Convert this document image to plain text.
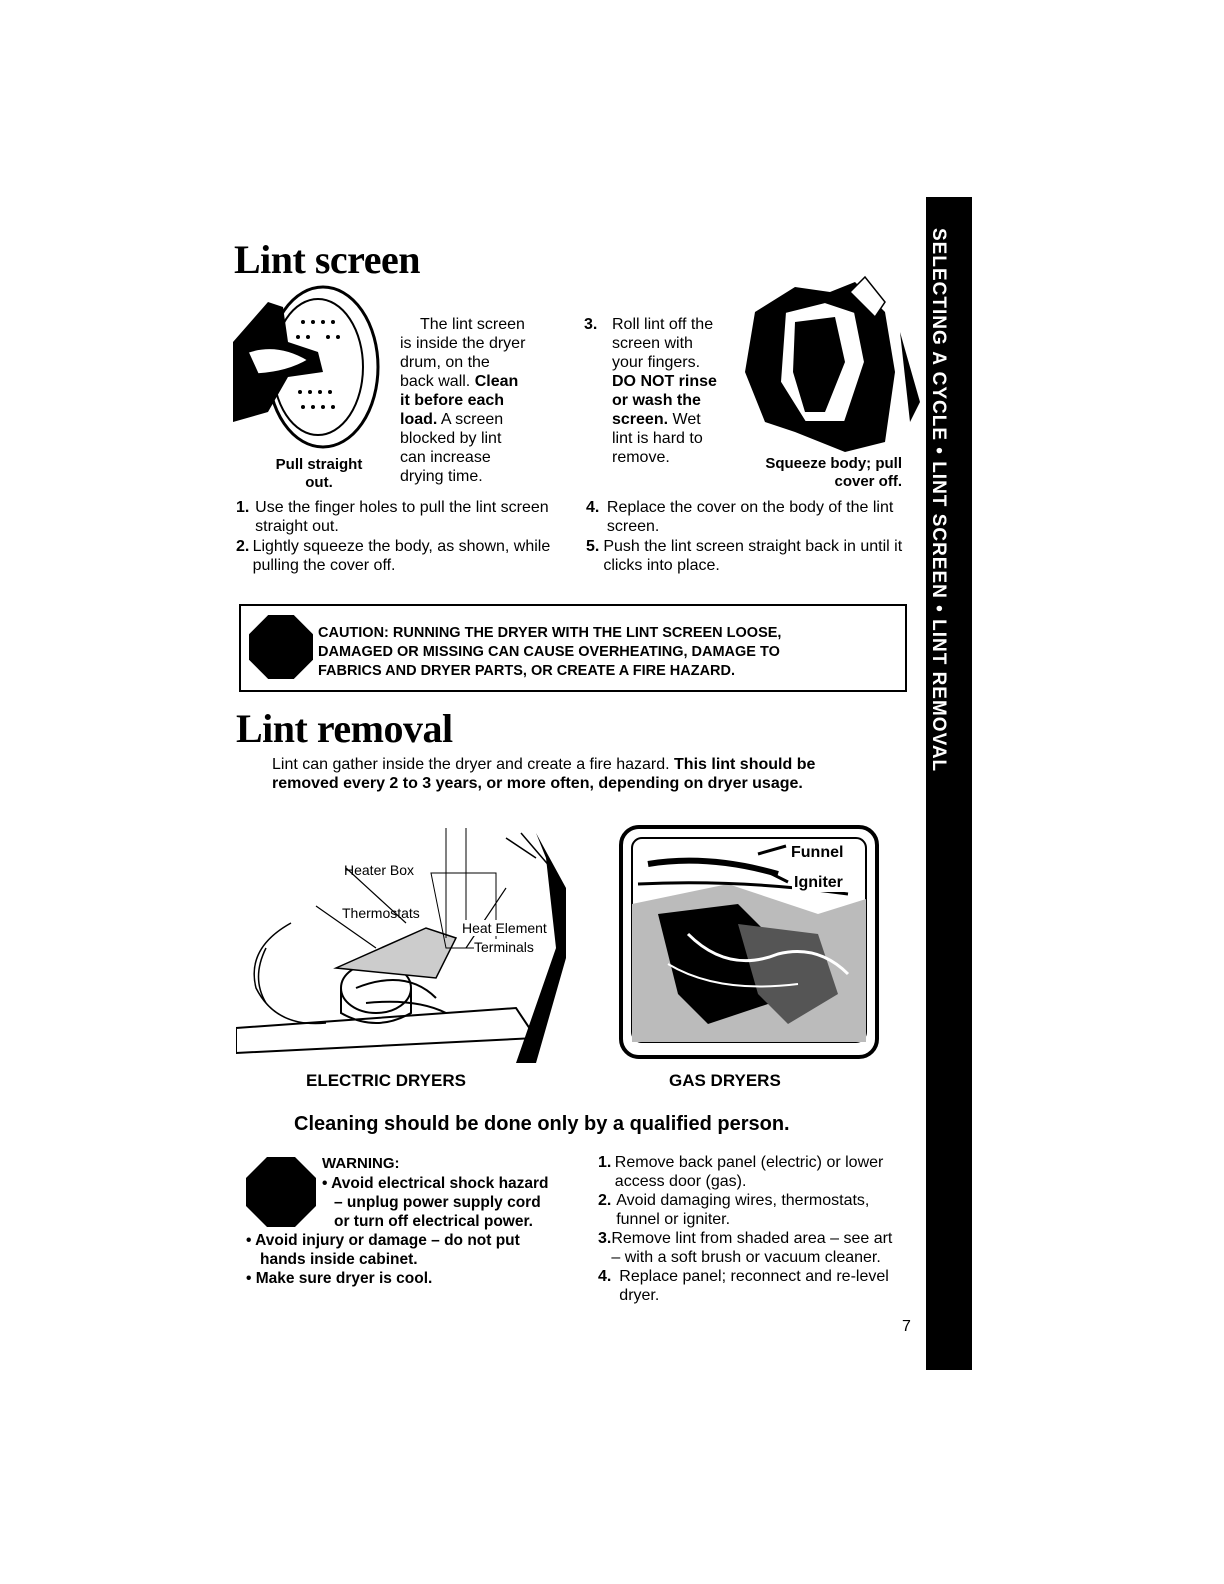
SELECTING A CYCLE • LINT SCREEN • LINT REMOVAL
Lint screen
The lint screen
is inside the dryer
drum, on the
back wall. Clean
it before each
load. A screen
blocked by lint
can increase
drying time.
Pull straight out.
3. Roll lint off the
screen with
your fingers.
DO NOT rinse
or wash the
screen. Wet
lint is hard to
remove.	Squeeze body; pull cover off.
1. Use the finger holes to pull the lint screen straight out.
2. Lightly squeeze the body, as shown, while pulling the cover off.
4. Replace the cover on the body of the lint screen.
5. Push the lint screen straight back in until it clicks into place.
CAUTION: RUNNING THE DRYER WITH THE LINT SCREEN LOOSE,
DAMAGED OR MISSING CAN CAUSE OVERHEATING, DAMAGE TO
FABRICS AND DRYER PARTS, OR CREATE A FIRE HAZARD.
Lint removal
Lint can gather inside the dryer and create a fire hazard. This lint should be removed every 2 to 3 years, or more often, depending on dryer usage.
Heater Box
Thermostats
Heat Element
Terminals
Funnel
Igniter
ELECTRIC DRYERS	GAS DRYERS
Cleaning should be done only by a qualified person.
WARNING:
• Avoid electrical shock hazard – unplug power supply cord or turn off electrical power.
• Avoid injury or damage – do not put hands inside cabinet.
• Make sure dryer is cool.
1. Remove back panel (electric) or lower access door (gas).
2. Avoid damaging wires, thermostats, funnel or igniter.
3. Remove lint from shaded area – see art – with a soft brush or vacuum cleaner.
4. Replace panel; reconnect and re-level dryer.
7
